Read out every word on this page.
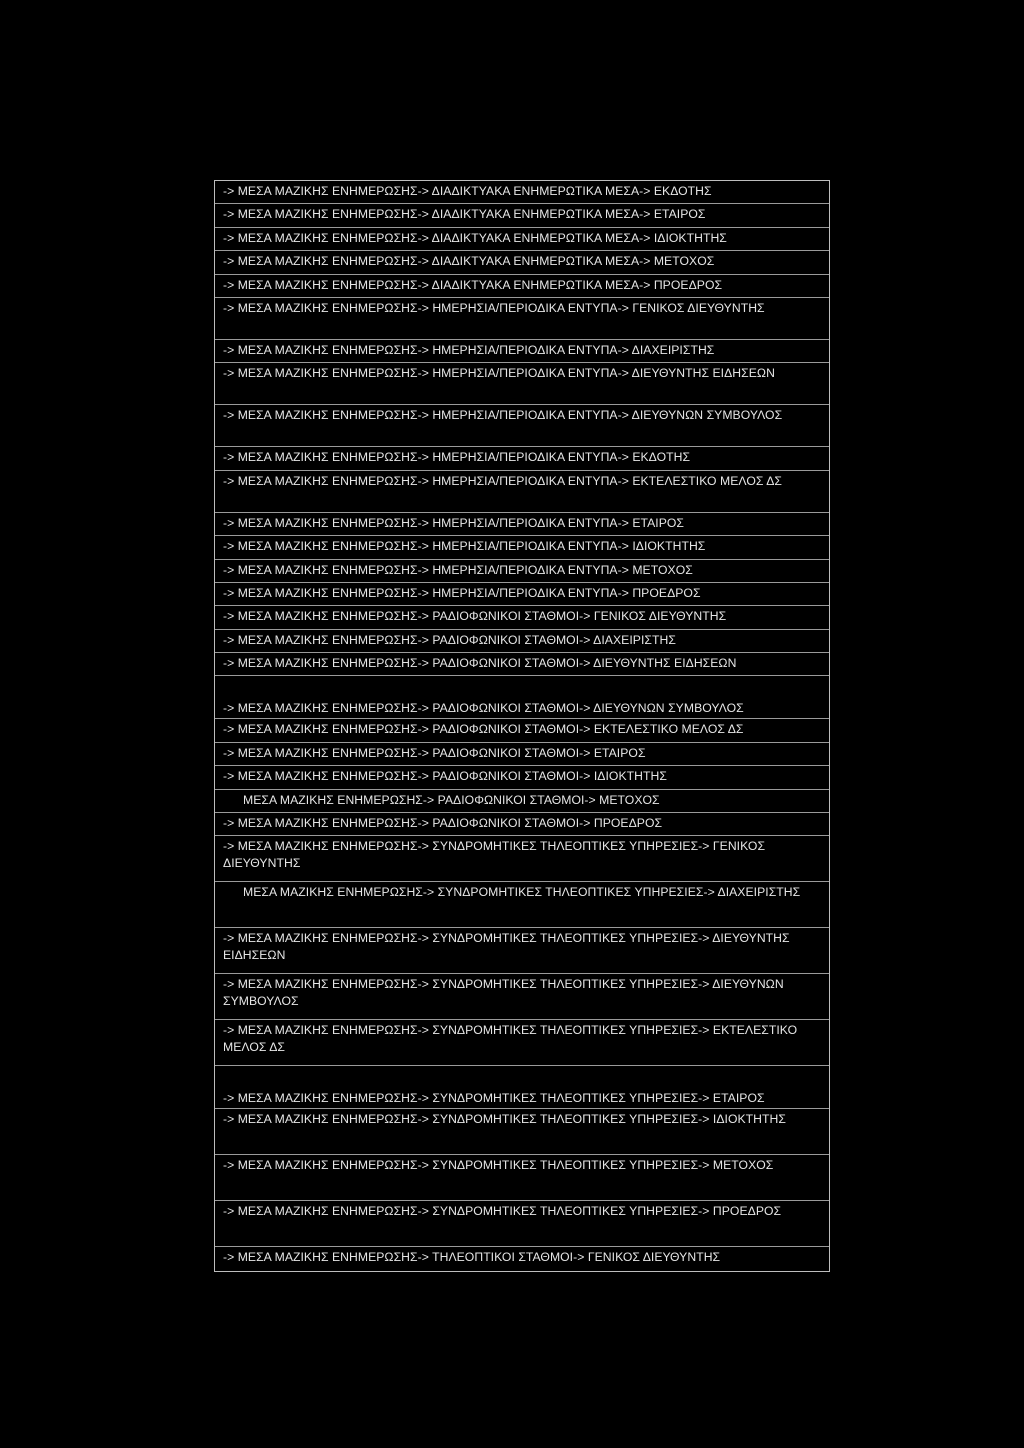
-> ΜΕΣΑ ΜΑΖΙΚΗΣ ΕΝΗΜΕΡΩΣΗΣ-> ΔΙΑΔΙΚΤΥΑΚΑ ΕΝΗΜΕΡΩΤΙΚΑ ΜΕΣΑ-> ΕΚΔΟΤΗΣ
-> ΜΕΣΑ ΜΑΖΙΚΗΣ ΕΝΗΜΕΡΩΣΗΣ-> ΔΙΑΔΙΚΤΥΑΚΑ ΕΝΗΜΕΡΩΤΙΚΑ ΜΕΣΑ-> ΕΤΑΙΡΟΣ
-> ΜΕΣΑ ΜΑΖΙΚΗΣ ΕΝΗΜΕΡΩΣΗΣ-> ΔΙΑΔΙΚΤΥΑΚΑ ΕΝΗΜΕΡΩΤΙΚΑ ΜΕΣΑ-> ΙΔΙΟΚΤΗΤΗΣ
-> ΜΕΣΑ ΜΑΖΙΚΗΣ ΕΝΗΜΕΡΩΣΗΣ-> ΔΙΑΔΙΚΤΥΑΚΑ ΕΝΗΜΕΡΩΤΙΚΑ ΜΕΣΑ-> ΜΕΤΟΧΟΣ
-> ΜΕΣΑ ΜΑΖΙΚΗΣ ΕΝΗΜΕΡΩΣΗΣ-> ΔΙΑΔΙΚΤΥΑΚΑ ΕΝΗΜΕΡΩΤΙΚΑ ΜΕΣΑ-> ΠΡΟΕΔΡΟΣ
-> ΜΕΣΑ ΜΑΖΙΚΗΣ ΕΝΗΜΕΡΩΣΗΣ-> ΗΜΕΡΗΣΙΑ/ΠΕΡΙΟΔΙΚΑ ΕΝΤΥΠΑ-> ΓΕΝΙΚΟΣ ΔΙΕΥΘΥΝΤΗΣ
-> ΜΕΣΑ ΜΑΖΙΚΗΣ ΕΝΗΜΕΡΩΣΗΣ-> ΗΜΕΡΗΣΙΑ/ΠΕΡΙΟΔΙΚΑ ΕΝΤΥΠΑ-> ΔΙΑΧΕΙΡΙΣΤΗΣ
-> ΜΕΣΑ ΜΑΖΙΚΗΣ ΕΝΗΜΕΡΩΣΗΣ-> ΗΜΕΡΗΣΙΑ/ΠΕΡΙΟΔΙΚΑ ΕΝΤΥΠΑ-> ΔΙΕΥΘΥΝΤΗΣ ΕΙΔΗΣΕΩΝ
-> ΜΕΣΑ ΜΑΖΙΚΗΣ ΕΝΗΜΕΡΩΣΗΣ-> ΗΜΕΡΗΣΙΑ/ΠΕΡΙΟΔΙΚΑ ΕΝΤΥΠΑ-> ΔΙΕΥΘΥΝΩΝ ΣΥΜΒΟΥΛΟΣ
-> ΜΕΣΑ ΜΑΖΙΚΗΣ ΕΝΗΜΕΡΩΣΗΣ-> ΗΜΕΡΗΣΙΑ/ΠΕΡΙΟΔΙΚΑ ΕΝΤΥΠΑ-> ΕΚΔΟΤΗΣ
-> ΜΕΣΑ ΜΑΖΙΚΗΣ ΕΝΗΜΕΡΩΣΗΣ-> ΗΜΕΡΗΣΙΑ/ΠΕΡΙΟΔΙΚΑ ΕΝΤΥΠΑ-> ΕΚΤΕΛΕΣΤΙΚΟ ΜΕΛΟΣ ΔΣ
-> ΜΕΣΑ ΜΑΖΙΚΗΣ ΕΝΗΜΕΡΩΣΗΣ-> ΗΜΕΡΗΣΙΑ/ΠΕΡΙΟΔΙΚΑ ΕΝΤΥΠΑ-> ΕΤΑΙΡΟΣ
-> ΜΕΣΑ ΜΑΖΙΚΗΣ ΕΝΗΜΕΡΩΣΗΣ-> ΗΜΕΡΗΣΙΑ/ΠΕΡΙΟΔΙΚΑ ΕΝΤΥΠΑ-> ΙΔΙΟΚΤΗΤΗΣ
-> ΜΕΣΑ ΜΑΖΙΚΗΣ ΕΝΗΜΕΡΩΣΗΣ-> ΗΜΕΡΗΣΙΑ/ΠΕΡΙΟΔΙΚΑ ΕΝΤΥΠΑ-> ΜΕΤΟΧΟΣ
-> ΜΕΣΑ ΜΑΖΙΚΗΣ ΕΝΗΜΕΡΩΣΗΣ-> ΗΜΕΡΗΣΙΑ/ΠΕΡΙΟΔΙΚΑ ΕΝΤΥΠΑ-> ΠΡΟΕΔΡΟΣ
-> ΜΕΣΑ ΜΑΖΙΚΗΣ ΕΝΗΜΕΡΩΣΗΣ-> ΡΑΔΙΟΦΩΝΙΚΟΙ ΣΤΑΘΜΟΙ-> ΓΕΝΙΚΟΣ ΔΙΕΥΘΥΝΤΗΣ
-> ΜΕΣΑ ΜΑΖΙΚΗΣ ΕΝΗΜΕΡΩΣΗΣ-> ΡΑΔΙΟΦΩΝΙΚΟΙ ΣΤΑΘΜΟΙ-> ΔΙΑΧΕΙΡΙΣΤΗΣ
-> ΜΕΣΑ ΜΑΖΙΚΗΣ ΕΝΗΜΕΡΩΣΗΣ-> ΡΑΔΙΟΦΩΝΙΚΟΙ ΣΤΑΘΜΟΙ-> ΔΙΕΥΘΥΝΤΗΣ ΕΙΔΗΣΕΩΝ
-> ΜΕΣΑ ΜΑΖΙΚΗΣ ΕΝΗΜΕΡΩΣΗΣ-> ΡΑΔΙΟΦΩΝΙΚΟΙ ΣΤΑΘΜΟΙ-> ΔΙΕΥΘΥΝΩΝ ΣΥΜΒΟΥΛΟΣ
-> ΜΕΣΑ ΜΑΖΙΚΗΣ ΕΝΗΜΕΡΩΣΗΣ-> ΡΑΔΙΟΦΩΝΙΚΟΙ ΣΤΑΘΜΟΙ-> ΕΚΤΕΛΕΣΤΙΚΟ ΜΕΛΟΣ ΔΣ
-> ΜΕΣΑ ΜΑΖΙΚΗΣ ΕΝΗΜΕΡΩΣΗΣ-> ΡΑΔΙΟΦΩΝΙΚΟΙ ΣΤΑΘΜΟΙ-> ΕΤΑΙΡΟΣ
-> ΜΕΣΑ ΜΑΖΙΚΗΣ ΕΝΗΜΕΡΩΣΗΣ-> ΡΑΔΙΟΦΩΝΙΚΟΙ ΣΤΑΘΜΟΙ-> ΙΔΙΟΚΤΗΤΗΣ
ΜΕΣΑ ΜΑΖΙΚΗΣ ΕΝΗΜΕΡΩΣΗΣ-> ΡΑΔΙΟΦΩΝΙΚΟΙ ΣΤΑΘΜΟΙ-> ΜΕΤΟΧΟΣ
-> ΜΕΣΑ ΜΑΖΙΚΗΣ ΕΝΗΜΕΡΩΣΗΣ-> ΡΑΔΙΟΦΩΝΙΚΟΙ ΣΤΑΘΜΟΙ-> ΠΡΟΕΔΡΟΣ
-> ΜΕΣΑ ΜΑΖΙΚΗΣ ΕΝΗΜΕΡΩΣΗΣ-> ΣΥΝΔΡΟΜΗΤΙΚΕΣ ΤΗΛΕΟΠΤΙΚΕΣ ΥΠΗΡΕΣΙΕΣ-> ΓΕΝΙΚΟΣ ΔΙΕΥΘΥΝΤΗΣ
ΜΕΣΑ ΜΑΖΙΚΗΣ ΕΝΗΜΕΡΩΣΗΣ-> ΣΥΝΔΡΟΜΗΤΙΚΕΣ ΤΗΛΕΟΠΤΙΚΕΣ ΥΠΗΡΕΣΙΕΣ-> ΔΙΑΧΕΙΡΙΣΤΗΣ
-> ΜΕΣΑ ΜΑΖΙΚΗΣ ΕΝΗΜΕΡΩΣΗΣ-> ΣΥΝΔΡΟΜΗΤΙΚΕΣ ΤΗΛΕΟΠΤΙΚΕΣ ΥΠΗΡΕΣΙΕΣ-> ΔΙΕΥΘΥΝΤΗΣ ΕΙΔΗΣΕΩΝ
-> ΜΕΣΑ ΜΑΖΙΚΗΣ ΕΝΗΜΕΡΩΣΗΣ-> ΣΥΝΔΡΟΜΗΤΙΚΕΣ ΤΗΛΕΟΠΤΙΚΕΣ ΥΠΗΡΕΣΙΕΣ-> ΔΙΕΥΘΥΝΩΝ ΣΥΜΒΟΥΛΟΣ
-> ΜΕΣΑ ΜΑΖΙΚΗΣ ΕΝΗΜΕΡΩΣΗΣ-> ΣΥΝΔΡΟΜΗΤΙΚΕΣ ΤΗΛΕΟΠΤΙΚΕΣ ΥΠΗΡΕΣΙΕΣ-> ΕΚΤΕΛΕΣΤΙΚΟ ΜΕΛΟΣ ΔΣ
-> ΜΕΣΑ ΜΑΖΙΚΗΣ ΕΝΗΜΕΡΩΣΗΣ-> ΣΥΝΔΡΟΜΗΤΙΚΕΣ ΤΗΛΕΟΠΤΙΚΕΣ ΥΠΗΡΕΣΙΕΣ-> ΕΤΑΙΡΟΣ
-> ΜΕΣΑ ΜΑΖΙΚΗΣ ΕΝΗΜΕΡΩΣΗΣ-> ΣΥΝΔΡΟΜΗΤΙΚΕΣ ΤΗΛΕΟΠΤΙΚΕΣ ΥΠΗΡΕΣΙΕΣ-> ΙΔΙΟΚΤΗΤΗΣ
-> ΜΕΣΑ ΜΑΖΙΚΗΣ ΕΝΗΜΕΡΩΣΗΣ-> ΣΥΝΔΡΟΜΗΤΙΚΕΣ ΤΗΛΕΟΠΤΙΚΕΣ ΥΠΗΡΕΣΙΕΣ-> ΜΕΤΟΧΟΣ
-> ΜΕΣΑ ΜΑΖΙΚΗΣ ΕΝΗΜΕΡΩΣΗΣ-> ΣΥΝΔΡΟΜΗΤΙΚΕΣ ΤΗΛΕΟΠΤΙΚΕΣ ΥΠΗΡΕΣΙΕΣ-> ΠΡΟΕΔΡΟΣ
-> ΜΕΣΑ ΜΑΖΙΚΗΣ ΕΝΗΜΕΡΩΣΗΣ-> ΤΗΛΕΟΠΤΙΚΟΙ ΣΤΑΘΜΟΙ-> ΓΕΝΙΚΟΣ ΔΙΕΥΘΥΝΤΗΣ
